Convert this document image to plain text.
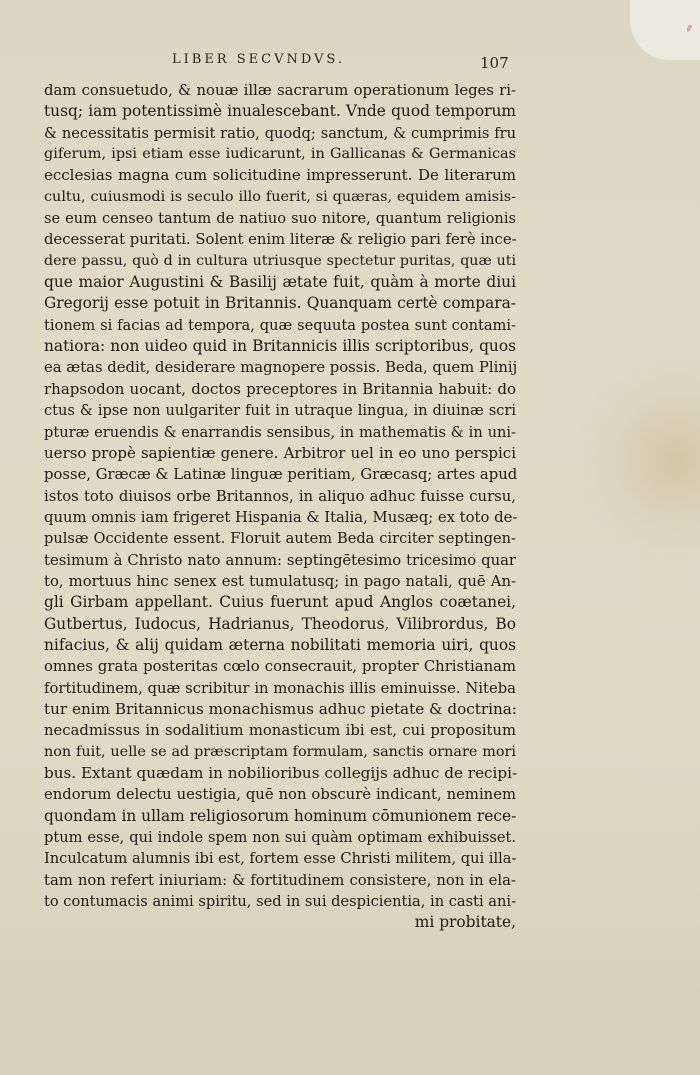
✎
LIBER SECVNDVS.	107
dam consuetudo, & nouæ illæ sacrarum operationum leges ri-
tusq; iam potentissimè inualescebant. Vnde quod temporum
& necessitatis permisit ratio, quodq; sanctum, & cumprimis fru
giferum, ipsi etiam esse iudicarunt, in Gallicanas & Germanicas
ecclesias magna cum solicitudine impresserunt. De literarum
cultu, cuiusmodi is seculo illo fuerit, si quæras, equidem amisis-
se eum censeo tantum de natiuo suo nitore, quantum religionis
decesserat puritati. Solent enim literæ & religio pari ferè ince-
dere passu, quò d in cultura utriusque spectetur puritas, quæ uti
que maior Augustini & Basilij ætate fuit, quàm à morte diui
Gregorij esse potuit in Britannis. Quanquam certè compara-
tionem si facias ad tempora, quæ sequuta postea sunt contami-
natiora: non uideo quid in Britannicis illis scriptoribus, quos
ea ætas dedit, desiderare magnopere possis. Beda, quem Plinij
rhapsodon uocant, doctos preceptores in Britannia habuit: do
ctus & ipse non uulgariter fuit in utraque lingua, in diuinæ scri
pturæ eruendis & enarrandis sensibus, in mathematis & in uni-
uerso propè sapientiæ genere. Arbitror uel in eo uno perspici
posse, Græcæ & Latinæ linguæ peritiam, Græcasq; artes apud
istos toto diuisos orbe Britannos, in aliquo adhuc fuisse cursu,
quum omnis iam frigeret Hispania & Italia, Musæq; ex toto de-
pulsæ Occidente essent. Floruit autem Beda circiter septingen-
tesimum à Christo nato annum: septingētesimo tricesimo quar
to, mortuus hinc senex est tumulatusq; in pago natali, quē An-
gli Girbam appellant. Cuius fuerunt apud Anglos coætanei,
Gutbertus, Iudocus, Hadrianus, Theodorus, Vilibrordus, Bo
nifacius, & alij quidam æterna nobilitati memoria uiri, quos
omnes grata posteritas cœlo consecrauit, propter Christianam
fortitudinem, quæ scribitur in monachis illis eminuisse. Niteba
tur enim Britannicus monachismus adhuc pietate & doctrina:
necadmissus in sodalitium monasticum ibi est, cui propositum
non fuit, uelle se ad præscriptam formulam, sanctis ornare mori
bus. Extant quædam in nobilioribus collegijs adhuc de recipi-
endorum delectu uestigia, quē non obscurè indicant, neminem
quondam in ullam religiosorum hominum cōmunionem rece-
ptum esse, qui indole spem non sui quàm optimam exhibuisset.
Inculcatum alumnis ibi est, fortem esse Christi militem, qui illa-
tam non refert iniuriam: & fortitudinem consistere, non in ela-
to contumacis animi spiritu, sed in sui despicientia, in casti ani-
mi probitate,
